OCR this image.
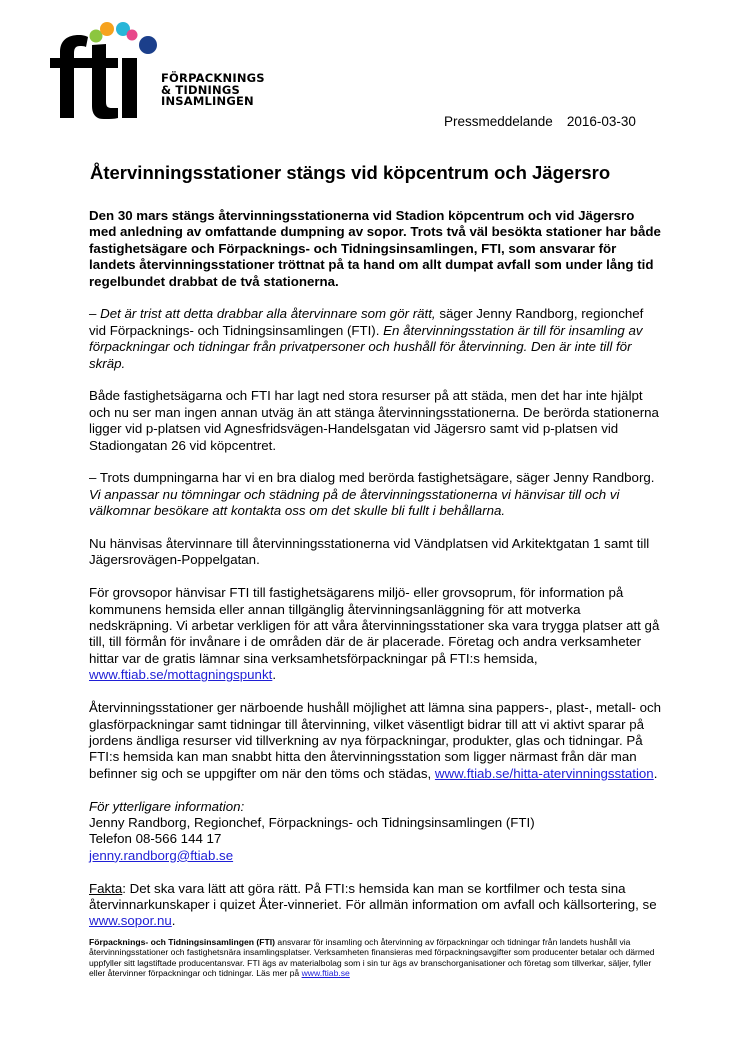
FÖRPACKNINGS
& TIDNINGS
INSAMLINGEN
Pressmeddelande 2016-03-30
Återvinningsstationer stängs vid köpcentrum och Jägersro

Den 30 mars stängs återvinningsstationerna vid Stadion köpcentrum och vid Jägersro med anledning av omfattande dumpning av sopor. Trots två väl besökta stationer har både fastighetsägare och Förpacknings- och Tidningsinsamlingen, FTI, som ansvarar för landets återvinningsstationer tröttnat på ta hand om allt dumpat avfall som under lång tid regelbundet drabbat de två stationerna.

– Det är trist att detta drabbar alla återvinnare som gör rätt, säger Jenny Randborg, regionchef vid Förpacknings- och Tidningsinsamlingen (FTI). En återvinningsstation är till för insamling av förpackningar och tidningar från privatpersoner och hushåll för återvinning. Den är inte till för skräp.

Både fastighetsägarna och FTI har lagt ned stora resurser på att städa, men det har inte hjälpt och nu ser man ingen annan utväg än att stänga återvinningsstationerna. De berörda stationerna ligger vid p-platsen vid Agnesfridsvägen-Handelsgatan vid Jägersro samt vid p-platsen vid Stadiongatan 26 vid köpcentret.

– Trots dumpningarna har vi en bra dialog med berörda fastighetsägare, säger Jenny Randborg. Vi anpassar nu tömningar och städning på de återvinningsstationerna vi hänvisar till och vi välkomnar besökare att kontakta oss om det skulle bli fullt i behållarna.

Nu hänvisas återvinnare till återvinningsstationerna vid Vändplatsen vid Arkitektgatan 1 samt till Jägersrovägen-Poppelgatan.

För grovsopor hänvisar FTI till fastighetsägarens miljö- eller grovsoprum, för information på kommunens hemsida eller annan tillgänglig återvinningsanläggning för att motverka nedskräpning. Vi arbetar verkligen för att våra återvinningsstationer ska vara trygga platser att gå till, till förmån för invånare i de områden där de är placerade. Företag och andra verksamheter hittar var de gratis lämnar sina verksamhetsförpackningar på FTI:s hemsida, www.ftiab.se/mottagningspunkt.

Återvinningsstationer ger närboende hushåll möjlighet att lämna sina pappers-, plast-, metall- och glasförpackningar samt tidningar till återvinning, vilket väsentligt bidrar till att vi aktivt sparar på jordens ändliga resurser vid tillverkning av nya förpackningar, produkter, glas och tidningar. På FTI:s hemsida kan man snabbt hitta den återvinningsstation som ligger närmast från där man befinner sig och se uppgifter om när den töms och städas, www.ftiab.se/hitta-atervinningsstation.

För ytterligare information:
Jenny Randborg, Regionchef, Förpacknings- och Tidningsinsamlingen (FTI)
Telefon 08-566 144 17
jenny.randborg@ftiab.se

Fakta: Det ska vara lätt att göra rätt. På FTI:s hemsida kan man se kortfilmer och testa sina återvinnarkunskaper i quizet Åter-vinneriet. För allmän information om avfall och källsortering, se www.sopor.nu.

Förpacknings- och Tidningsinsamlingen (FTI) ansvarar för insamling och återvinning av förpackningar och tidningar från landets hushåll via återvinningsstationer och fastighetsnära insamlingsplatser. Verksamheten finansieras med förpackningsavgifter som producenter betalar och därmed uppfyller sitt lagstiftade producentansvar. FTI ägs av materialbolag som i sin tur ägs av branschorganisationer och företag som tillverkar, säljer, fyller eller återvinner förpackningar och tidningar. Läs mer på www.ftiab.se
